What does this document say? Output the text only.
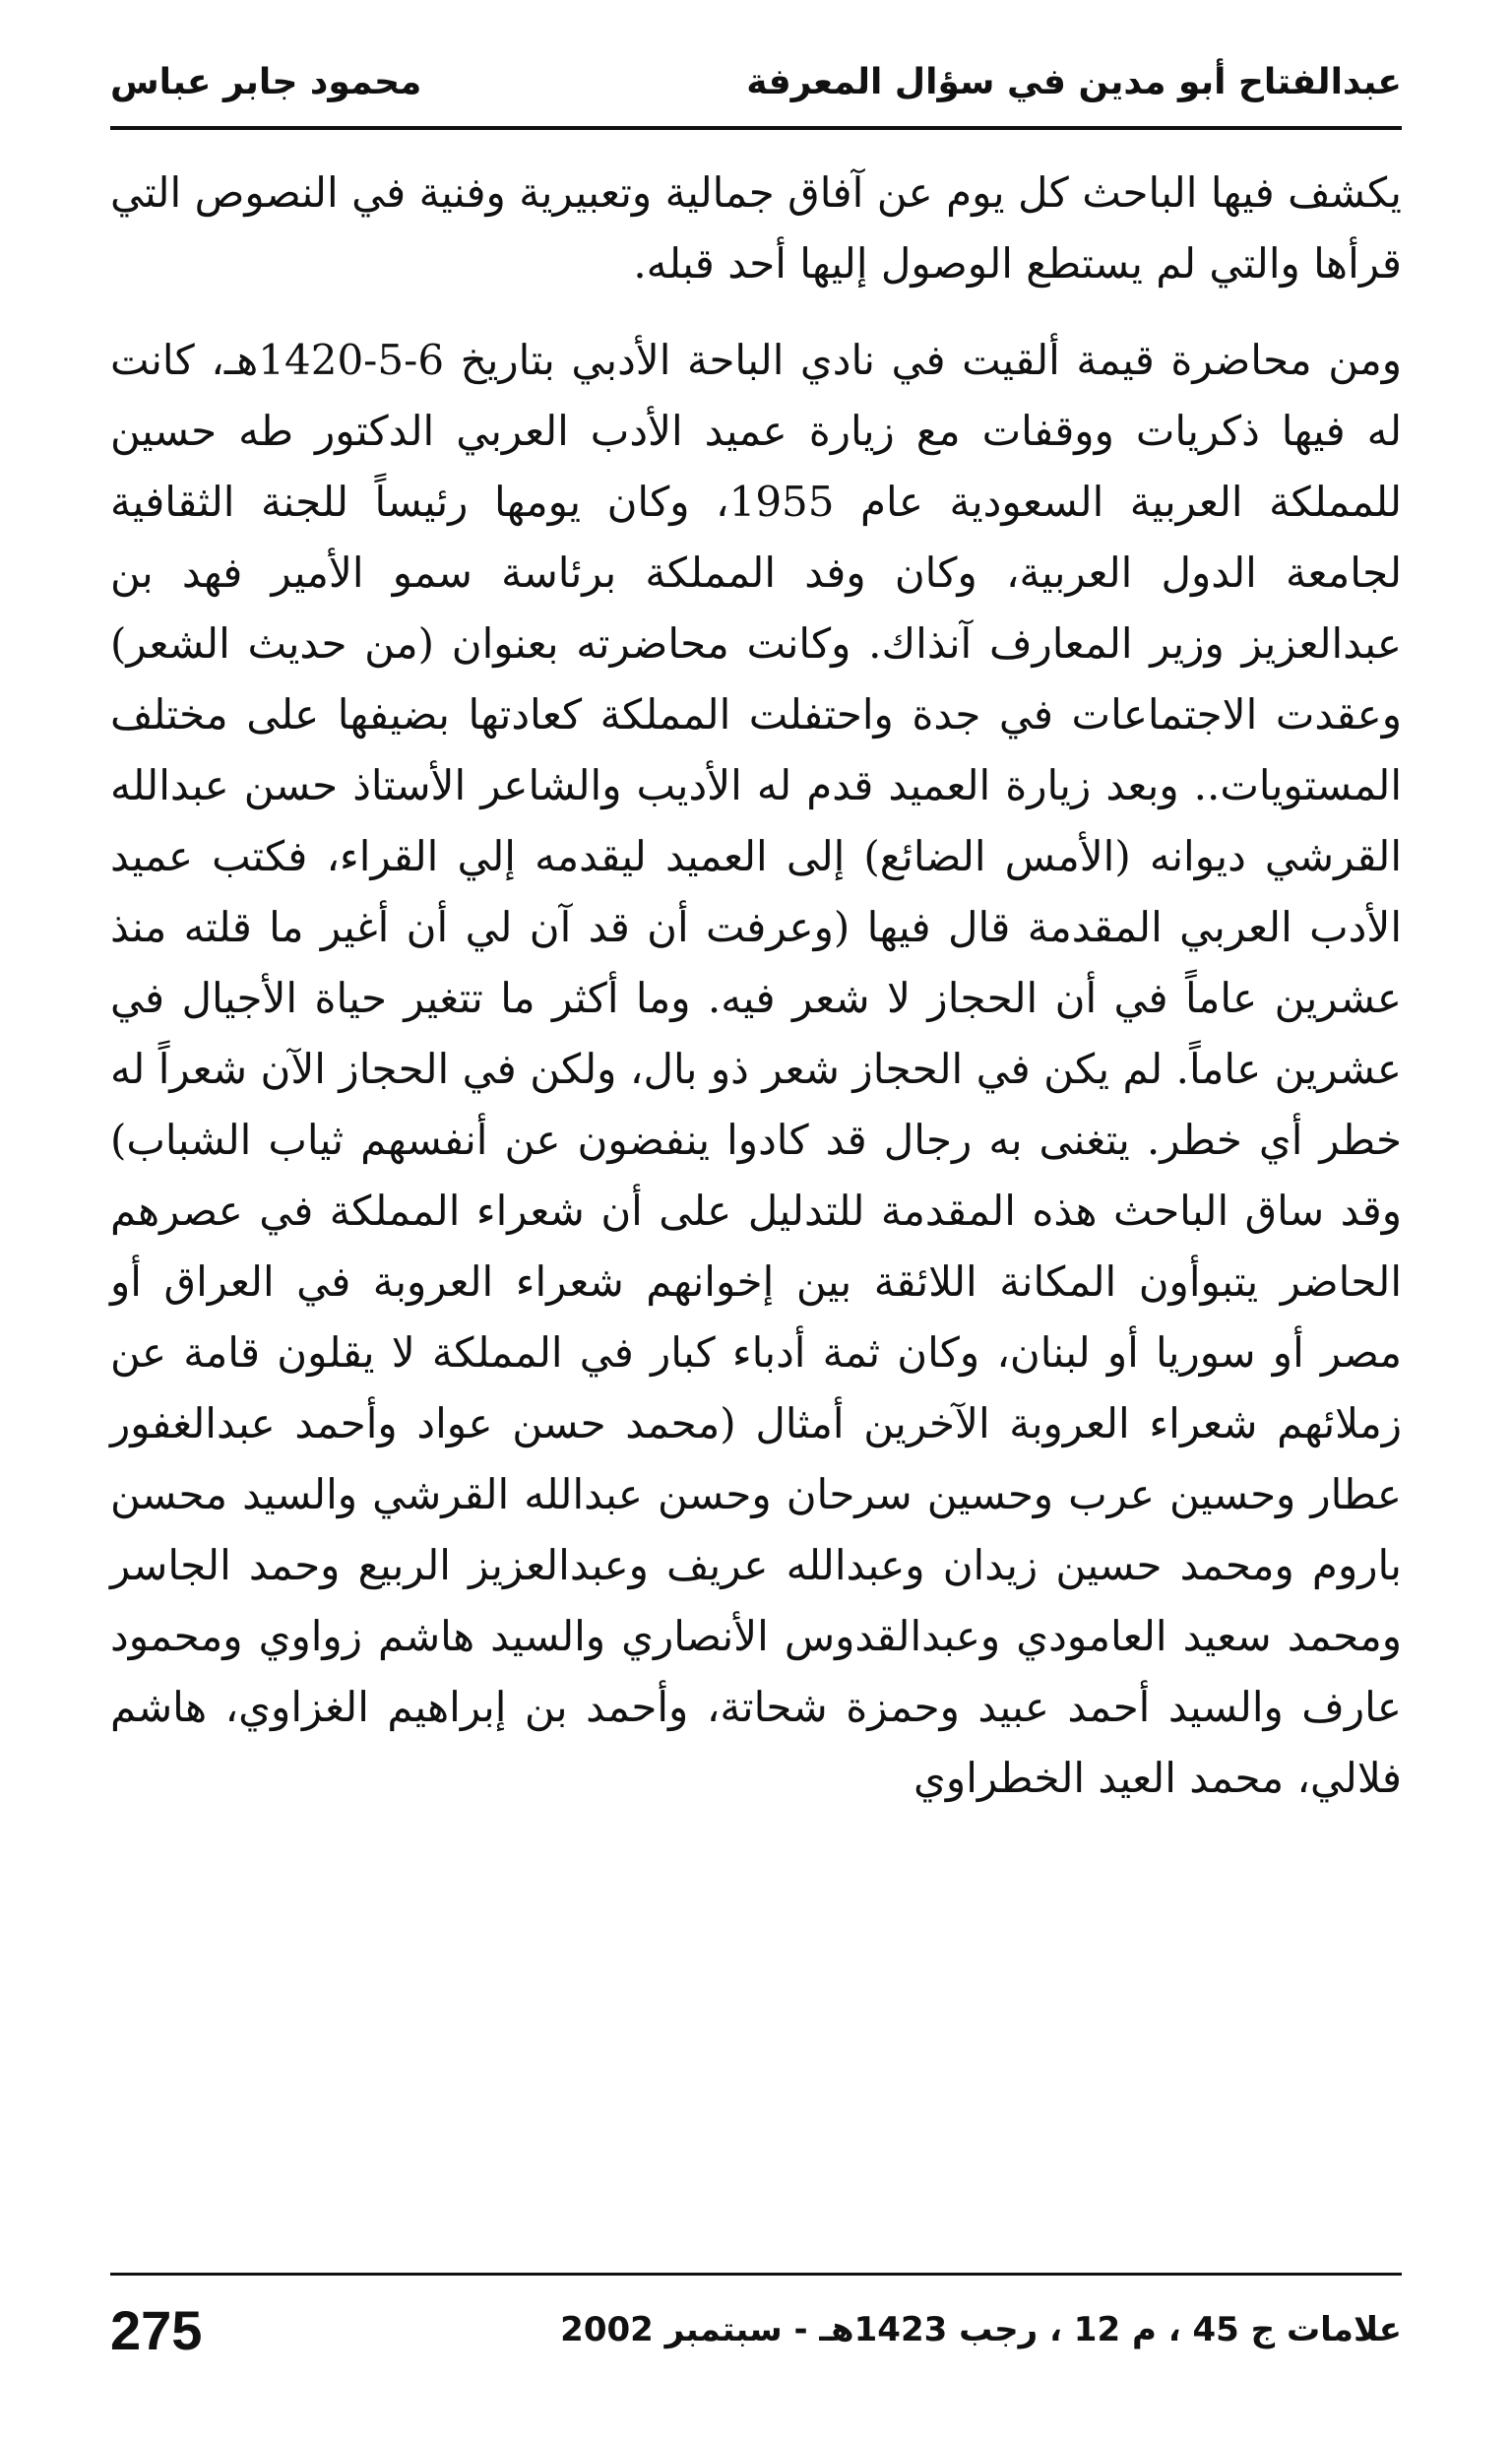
عبدالفتاح أبو مدين في سؤال المعرفة
محمود جابر عباس

يكشف فيها الباحث كل يوم عن آفاق جمالية وتعبيرية وفنية في النصوص التي قرأها والتي لم يستطع الوصول إليها أحد قبله.

ومن محاضرة قيمة ألقيت في نادي الباحة الأدبي بتاريخ 6-5-1420هـ، كانت له فيها ذكريات ووقفات مع زيارة عميد الأدب العربي الدكتور طه حسين للمملكة العربية السعودية عام 1955، وكان يومها رئيساً للجنة الثقافية لجامعة الدول العربية، وكان وفد المملكة برئاسة سمو الأمير فهد بن عبدالعزيز وزير المعارف آنذاك. وكانت محاضرته بعنوان (من حديث الشعر) وعقدت الاجتماعات في جدة واحتفلت المملكة كعادتها بضيفها على مختلف المستويات.. وبعد زيارة العميد قدم له الأديب والشاعر الأستاذ حسن عبدالله القرشي ديوانه (الأمس الضائع) إلى العميد ليقدمه إلي القراء، فكتب عميد الأدب العربي المقدمة قال فيها (وعرفت أن قد آن لي أن أغير ما قلته منذ عشرين عاماً في أن الحجاز لا شعر فيه. وما أكثر ما تتغير حياة الأجيال في عشرين عاماً. لم يكن في الحجاز شعر ذو بال، ولكن في الحجاز الآن شعراً له خطر أي خطر. يتغنى به رجال قد كادوا ينفضون عن أنفسهم ثياب الشباب) وقد ساق الباحث هذه المقدمة للتدليل على أن شعراء المملكة في عصرهم الحاضر يتبوأون المكانة اللائقة بين إخوانهم شعراء العروبة في العراق أو مصر أو سوريا أو لبنان، وكان ثمة أدباء كبار في المملكة لا يقلون قامة عن زملائهم شعراء العروبة الآخرين أمثال (محمد حسن عواد وأحمد عبدالغفور عطار وحسين عرب وحسين سرحان وحسن عبدالله القرشي والسيد محسن باروم ومحمد حسين زيدان وعبدالله عريف وعبدالعزيز الربيع وحمد الجاسر ومحمد سعيد العامودي وعبدالقدوس الأنصاري والسيد هاشم زواوي ومحمود عارف والسيد أحمد عبيد وحمزة شحاتة، وأحمد بن إبراهيم الغزاوي، هاشم فلالي، محمد العيد الخطراوي

علامات ج 45 ، م 12 ، رجب 1423هـ - سبتمبر 2002
275
